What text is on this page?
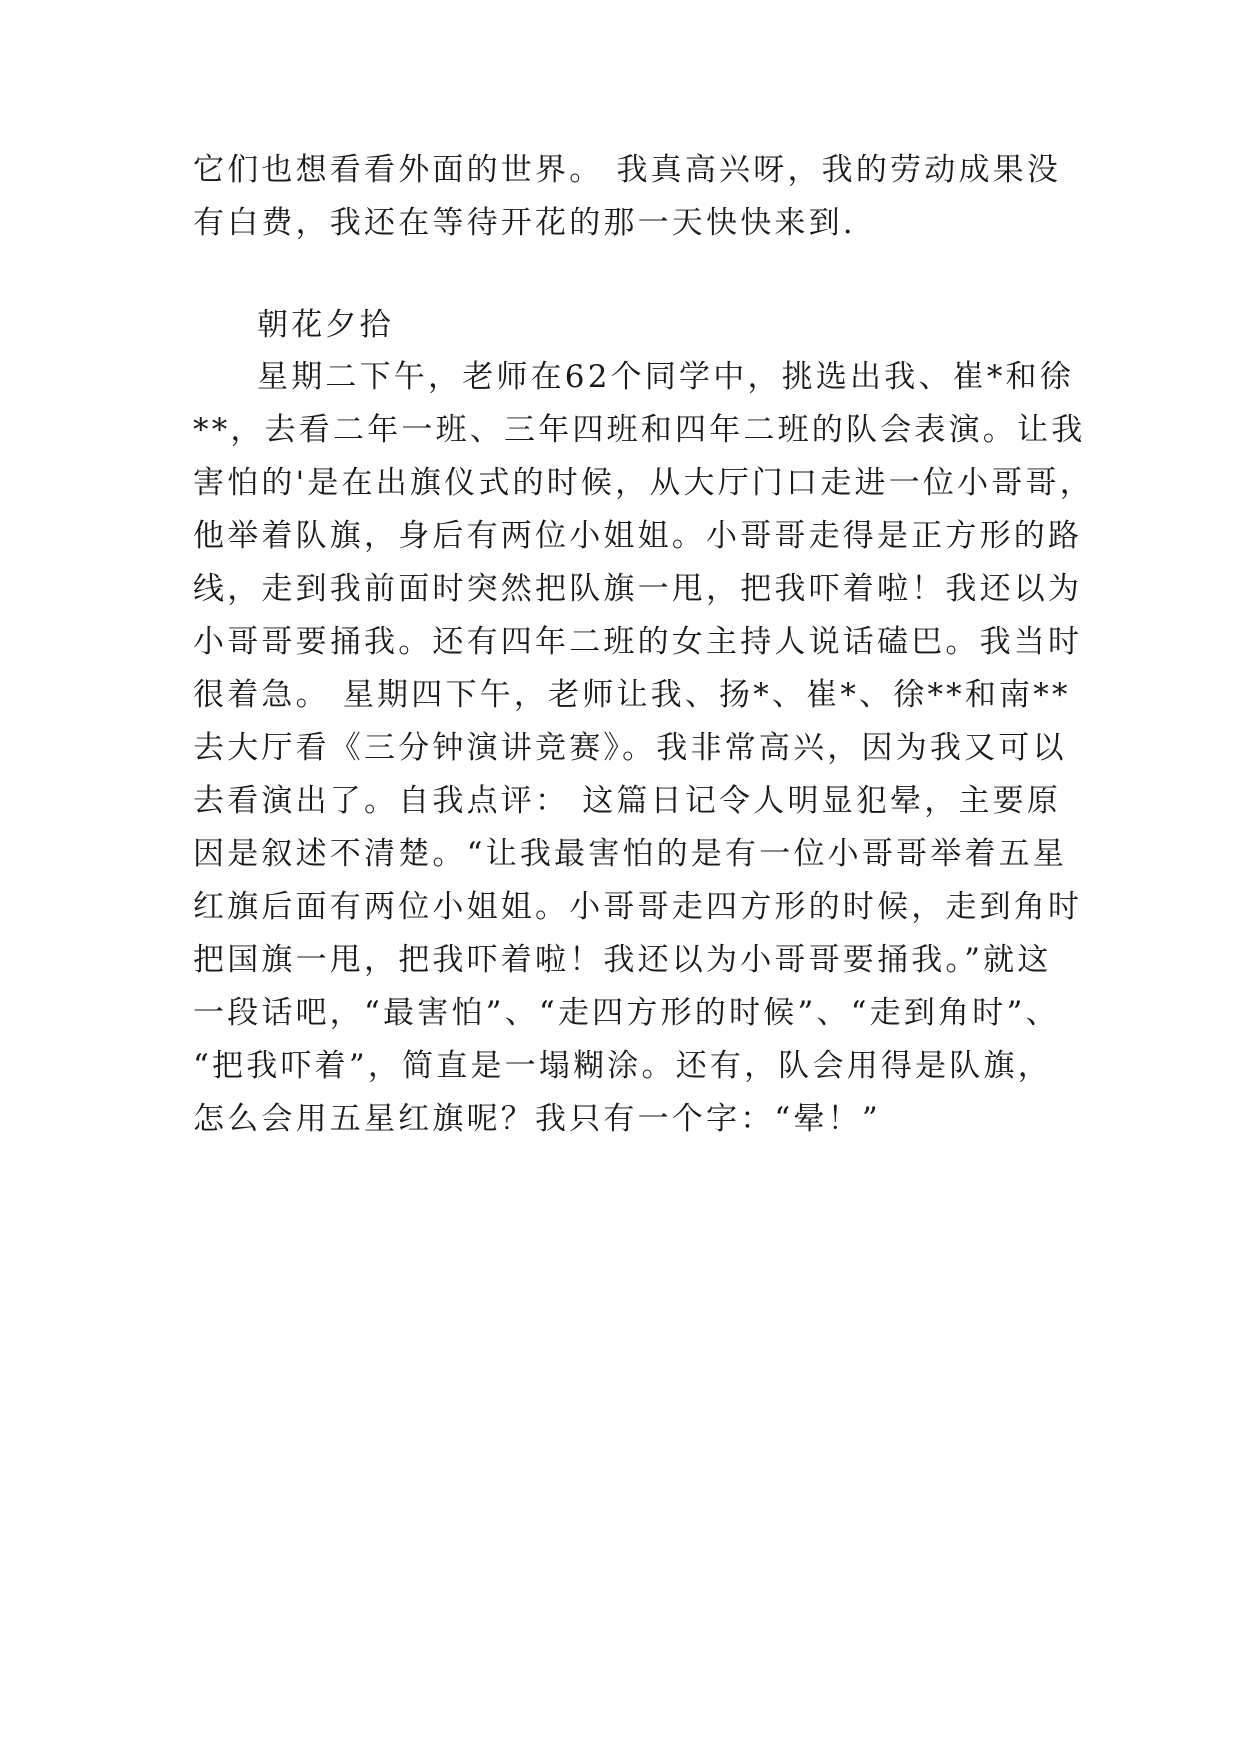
它们也想看看外面的世界。 我真高兴呀，我的劳动成果没
有白费，我还在等待开花的那一天快快来到.
朝花夕拾
星期二下午，老师在62个同学中，挑选出我、崔*和徐
**，去看二年一班、三年四班和四年二班的队会表演。让我
害怕的'是在出旗仪式的时候，从大厅门口走进一位小哥哥，
他举着队旗，身后有两位小姐姐。小哥哥走得是正方形的路
线，走到我前面时突然把队旗一甩，把我吓着啦！我还以为
小哥哥要捅我。还有四年二班的女主持人说话磕巴。我当时
很着急。 星期四下午，老师让我、扬*、崔*、徐**和南**
去大厅看《三分钟演讲竞赛》。我非常高兴，因为我又可以
去看演出了。自我点评： 这篇日记令人明显犯晕，主要原
因是叙述不清楚。“让我最害怕的是有一位小哥哥举着五星
红旗后面有两位小姐姐。小哥哥走四方形的时候，走到角时
把国旗一甩，把我吓着啦！我还以为小哥哥要捅我。”就这
一段话吧，“最害怕”、“走四方形的时候”、“走到角时”、
“把我吓着”，简直是一塌糊涂。还有，队会用得是队旗，
怎么会用五星红旗呢？我只有一个字：“晕！”
